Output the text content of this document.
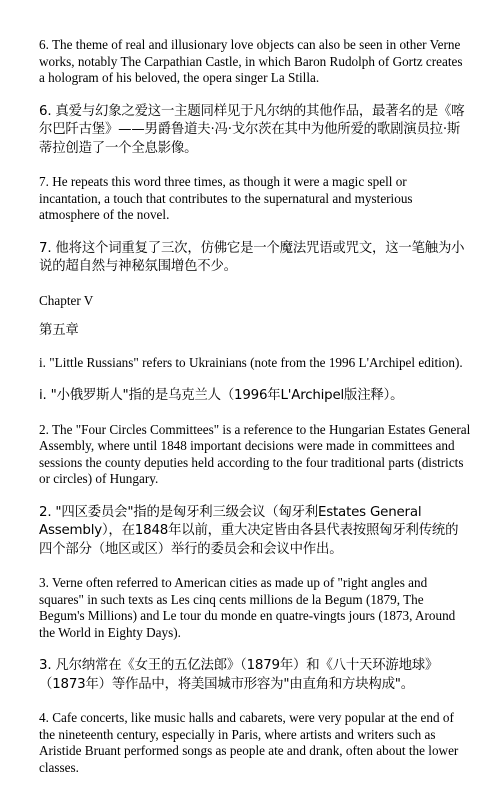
6. The theme of real and illusionary love objects can also be seen in other Verne works, notably The Carpathian Castle, in which Baron Rudolph of Gortz creates a hologram of his beloved, the opera singer La Stilla.

6. 真爱与幻象之爱这一主题同样见于凡尔纳的其他作品，最著名的是《喀尔巴阡古堡》——男爵鲁道夫·冯·戈尔茨在其中为他所爱的歌剧演员拉·斯蒂拉创造了一个全息影像。

7. He repeats this word three times, as though it were a magic spell or incantation, a touch that contributes to the supernatural and mysterious atmosphere of the novel.

7. 他将这个词重复了三次，仿佛它是一个魔法咒语或咒文，这一笔触为小说的超自然与神秘氛围增色不少。

Chapter V

第五章

i. "Little Russians" refers to Ukrainians (note from the 1996 L'Archipel edition).

i. "小俄罗斯人"指的是乌克兰人（1996年L'Archipel版注释）。

2. The "Four Circles Committees" is a reference to the Hungarian Estates General Assembly, where until 1848 important decisions were made in committees and sessions the county deputies held according to the four traditional parts (districts or circles) of Hungary.

2. "四区委员会"指的是匈牙利三级会议（匈牙利Estates General Assembly），在1848年以前，重大决定皆由各县代表按照匈牙利传统的四个部分（地区或区）举行的委员会和会议中作出。

3. Verne often referred to American cities as made up of "right angles and squares" in such texts as Les cinq cents millions de la Begum (1879, The Begum's Millions) and Le tour du monde en quatre-vingts jours (1873, Around the World in Eighty Days).

3. 凡尔纳常在《女王的五亿法郎》（1879年）和《八十天环游地球》（1873年）等作品中，将美国城市形容为"由直角和方块构成"。

4. Cafe concerts, like music halls and cabarets, were very popular at the end of the nineteenth century, especially in Paris, where artists and writers such as Aristide Bruant performed songs as people ate and drank, often about the lower classes.
